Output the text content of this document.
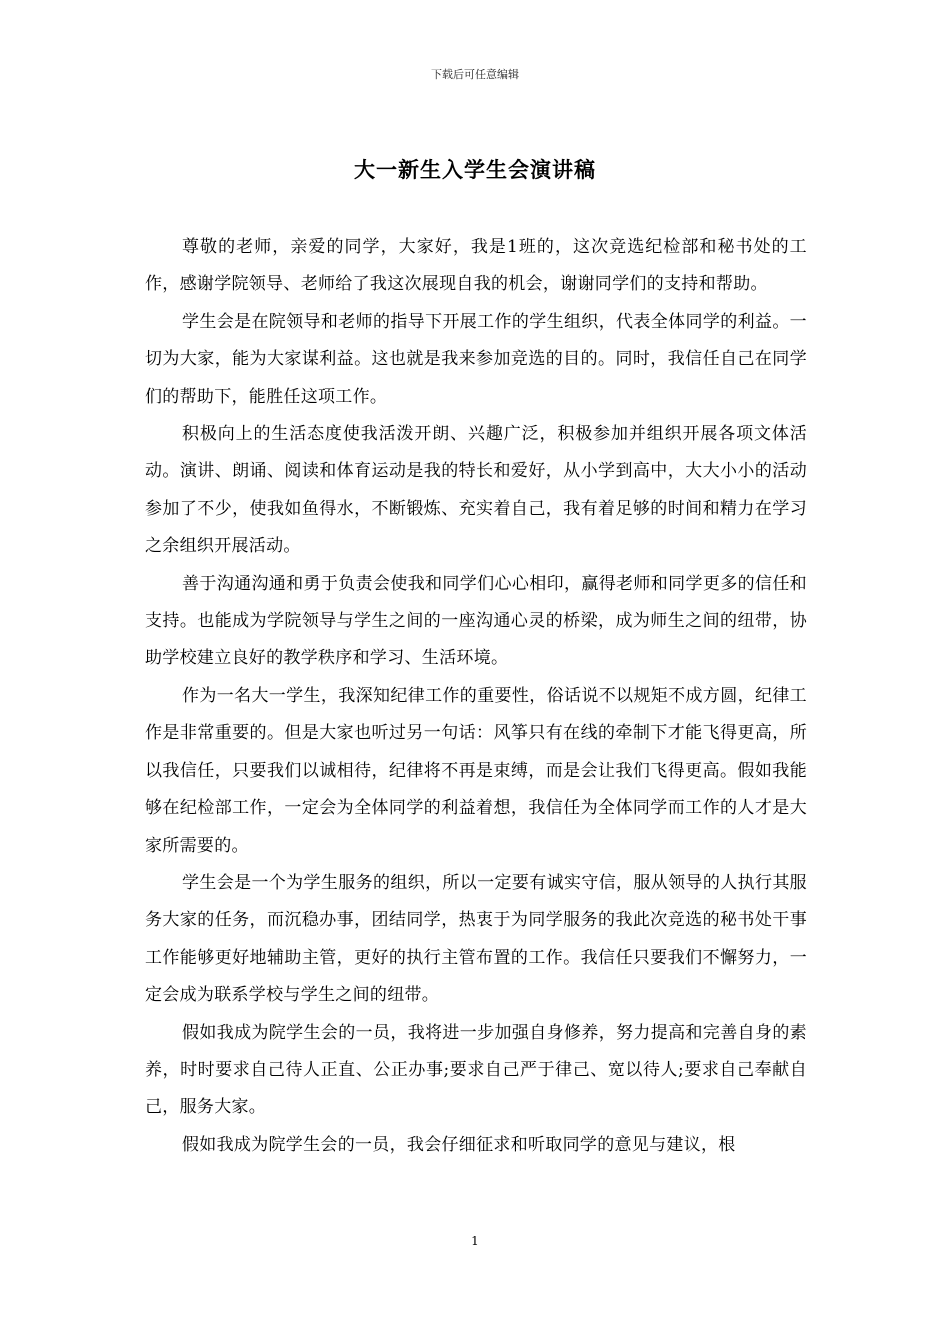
下载后可任意编辑
大一新生入学生会演讲稿

尊敬的老师，亲爱的同学，大家好，我是1班的，这次竞选纪检部和秘书处的工作，感谢学院领导、老师给了我这次展现自我的机会，谢谢同学们的支持和帮助。

学生会是在院领导和老师的指导下开展工作的学生组织，代表全体同学的利益。一切为大家，能为大家谋利益。这也就是我来参加竞选的目的。同时，我信任自己在同学们的帮助下，能胜任这项工作。

积极向上的生活态度使我活泼开朗、兴趣广泛，积极参加并组织开展各项文体活动。演讲、朗诵、阅读和体育运动是我的特长和爱好，从小学到高中，大大小小的活动参加了不少，使我如鱼得水，不断锻炼、充实着自己，我有着足够的时间和精力在学习之余组织开展活动。

善于沟通沟通和勇于负责会使我和同学们心心相印，赢得老师和同学更多的信任和支持。也能成为学院领导与学生之间的一座沟通心灵的桥梁，成为师生之间的纽带，协助学校建立良好的教学秩序和学习、生活环境。

作为一名大一学生，我深知纪律工作的重要性，俗话说不以规矩不成方圆，纪律工作是非常重要的。但是大家也听过另一句话：风筝只有在线的牵制下才能飞得更高，所以我信任，只要我们以诚相待，纪律将不再是束缚，而是会让我们飞得更高。假如我能够在纪检部工作，一定会为全体同学的利益着想，我信任为全体同学而工作的人才是大家所需要的。

学生会是一个为学生服务的组织，所以一定要有诚实守信，服从领导的人执行其服务大家的任务，而沉稳办事，团结同学，热衷于为同学服务的我此次竞选的秘书处干事工作能够更好地辅助主管，更好的执行主管布置的工作。我信任只要我们不懈努力，一定会成为联系学校与学生之间的纽带。

假如我成为院学生会的一员，我将进一步加强自身修养，努力提高和完善自身的素养，时时要求自己待人正直、公正办事;要求自己严于律己、宽以待人;要求自己奉献自己，服务大家。

假如我成为院学生会的一员，我会仔细征求和听取同学的意见与建议，根

1
